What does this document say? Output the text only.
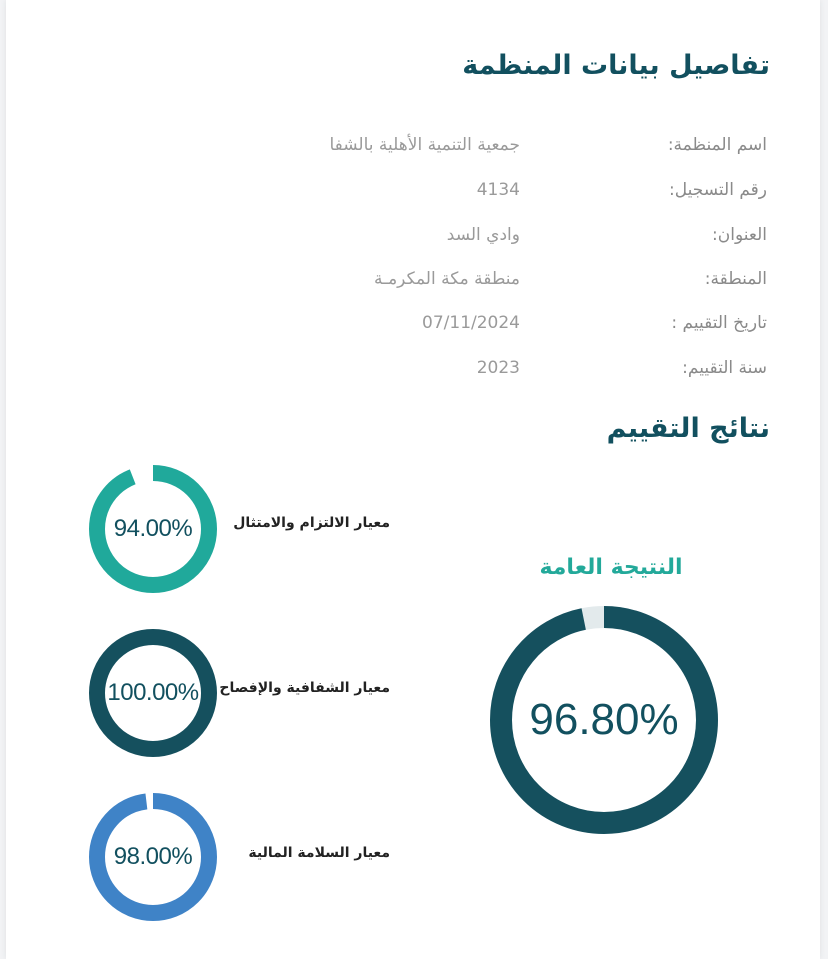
تفاصيل بيانات المنظمة
اسم المنظمة:
جمعية التنمية الأهلية بالشفا
رقم التسجيل:
4134
العنوان:
وادي السد
المنطقة:
منطقة مكة المكرمـة
تاريخ التقييم :
07/11/2024
سنة التقييم:
2023
نتائج التقييم

النتيجة العامة

96.80%
94.00%	معيار الالتزام والامتثال
100.00%	معيار الشفافية والإفصاح
98.00%	معيار السلامة المالية
